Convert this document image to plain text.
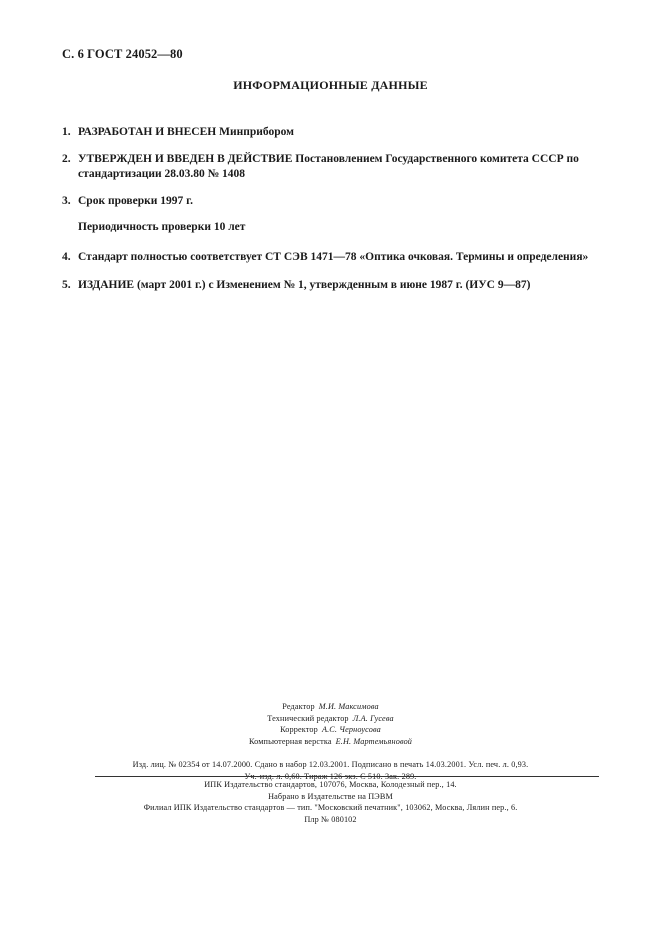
С. 6 ГОСТ 24052—80
ИНФОРМАЦИОННЫЕ ДАННЫЕ
1. РАЗРАБОТАН И ВНЕСЕН Минприбором
2. УТВЕРЖДЕН И ВВЕДЕН В ДЕЙСТВИЕ Постановлением Государственного комитета СССР по стандартизации 28.03.80 № 1408
3. Срок проверки 1997 г.
Периодичность проверки 10 лет
4. Стандарт полностью соответствует СТ СЭВ 1471—78 «Оптика очковая. Термины и определения»
5. ИЗДАНИЕ (март 2001 г.) с Изменением № 1, утвержденным в июне 1987 г. (ИУС 9—87)
Редактор М.И. Максимова
Технический редактор Л.А. Гусева
Корректор А.С. Черноусова
Компьютерная верстка Е.Н. Мартемьяновой
Изд. лиц. № 02354 от 14.07.2000. Сдано в набор 12.03.2001. Подписано в печать 14.03.2001. Усл. печ. л. 0,93.
Уч.-изд. л. 0,60. Тираж 126 экз. С 510. Зак. 289.
ИПК Издательство стандартов, 107076, Москва, Колодезный пер., 14.
Набрано в Издательстве на ПЭВМ
Филиал ИПК Издательство стандартов — тип. "Московский печатник", 103062, Москва, Лялин пер., 6.
Плр № 080102
